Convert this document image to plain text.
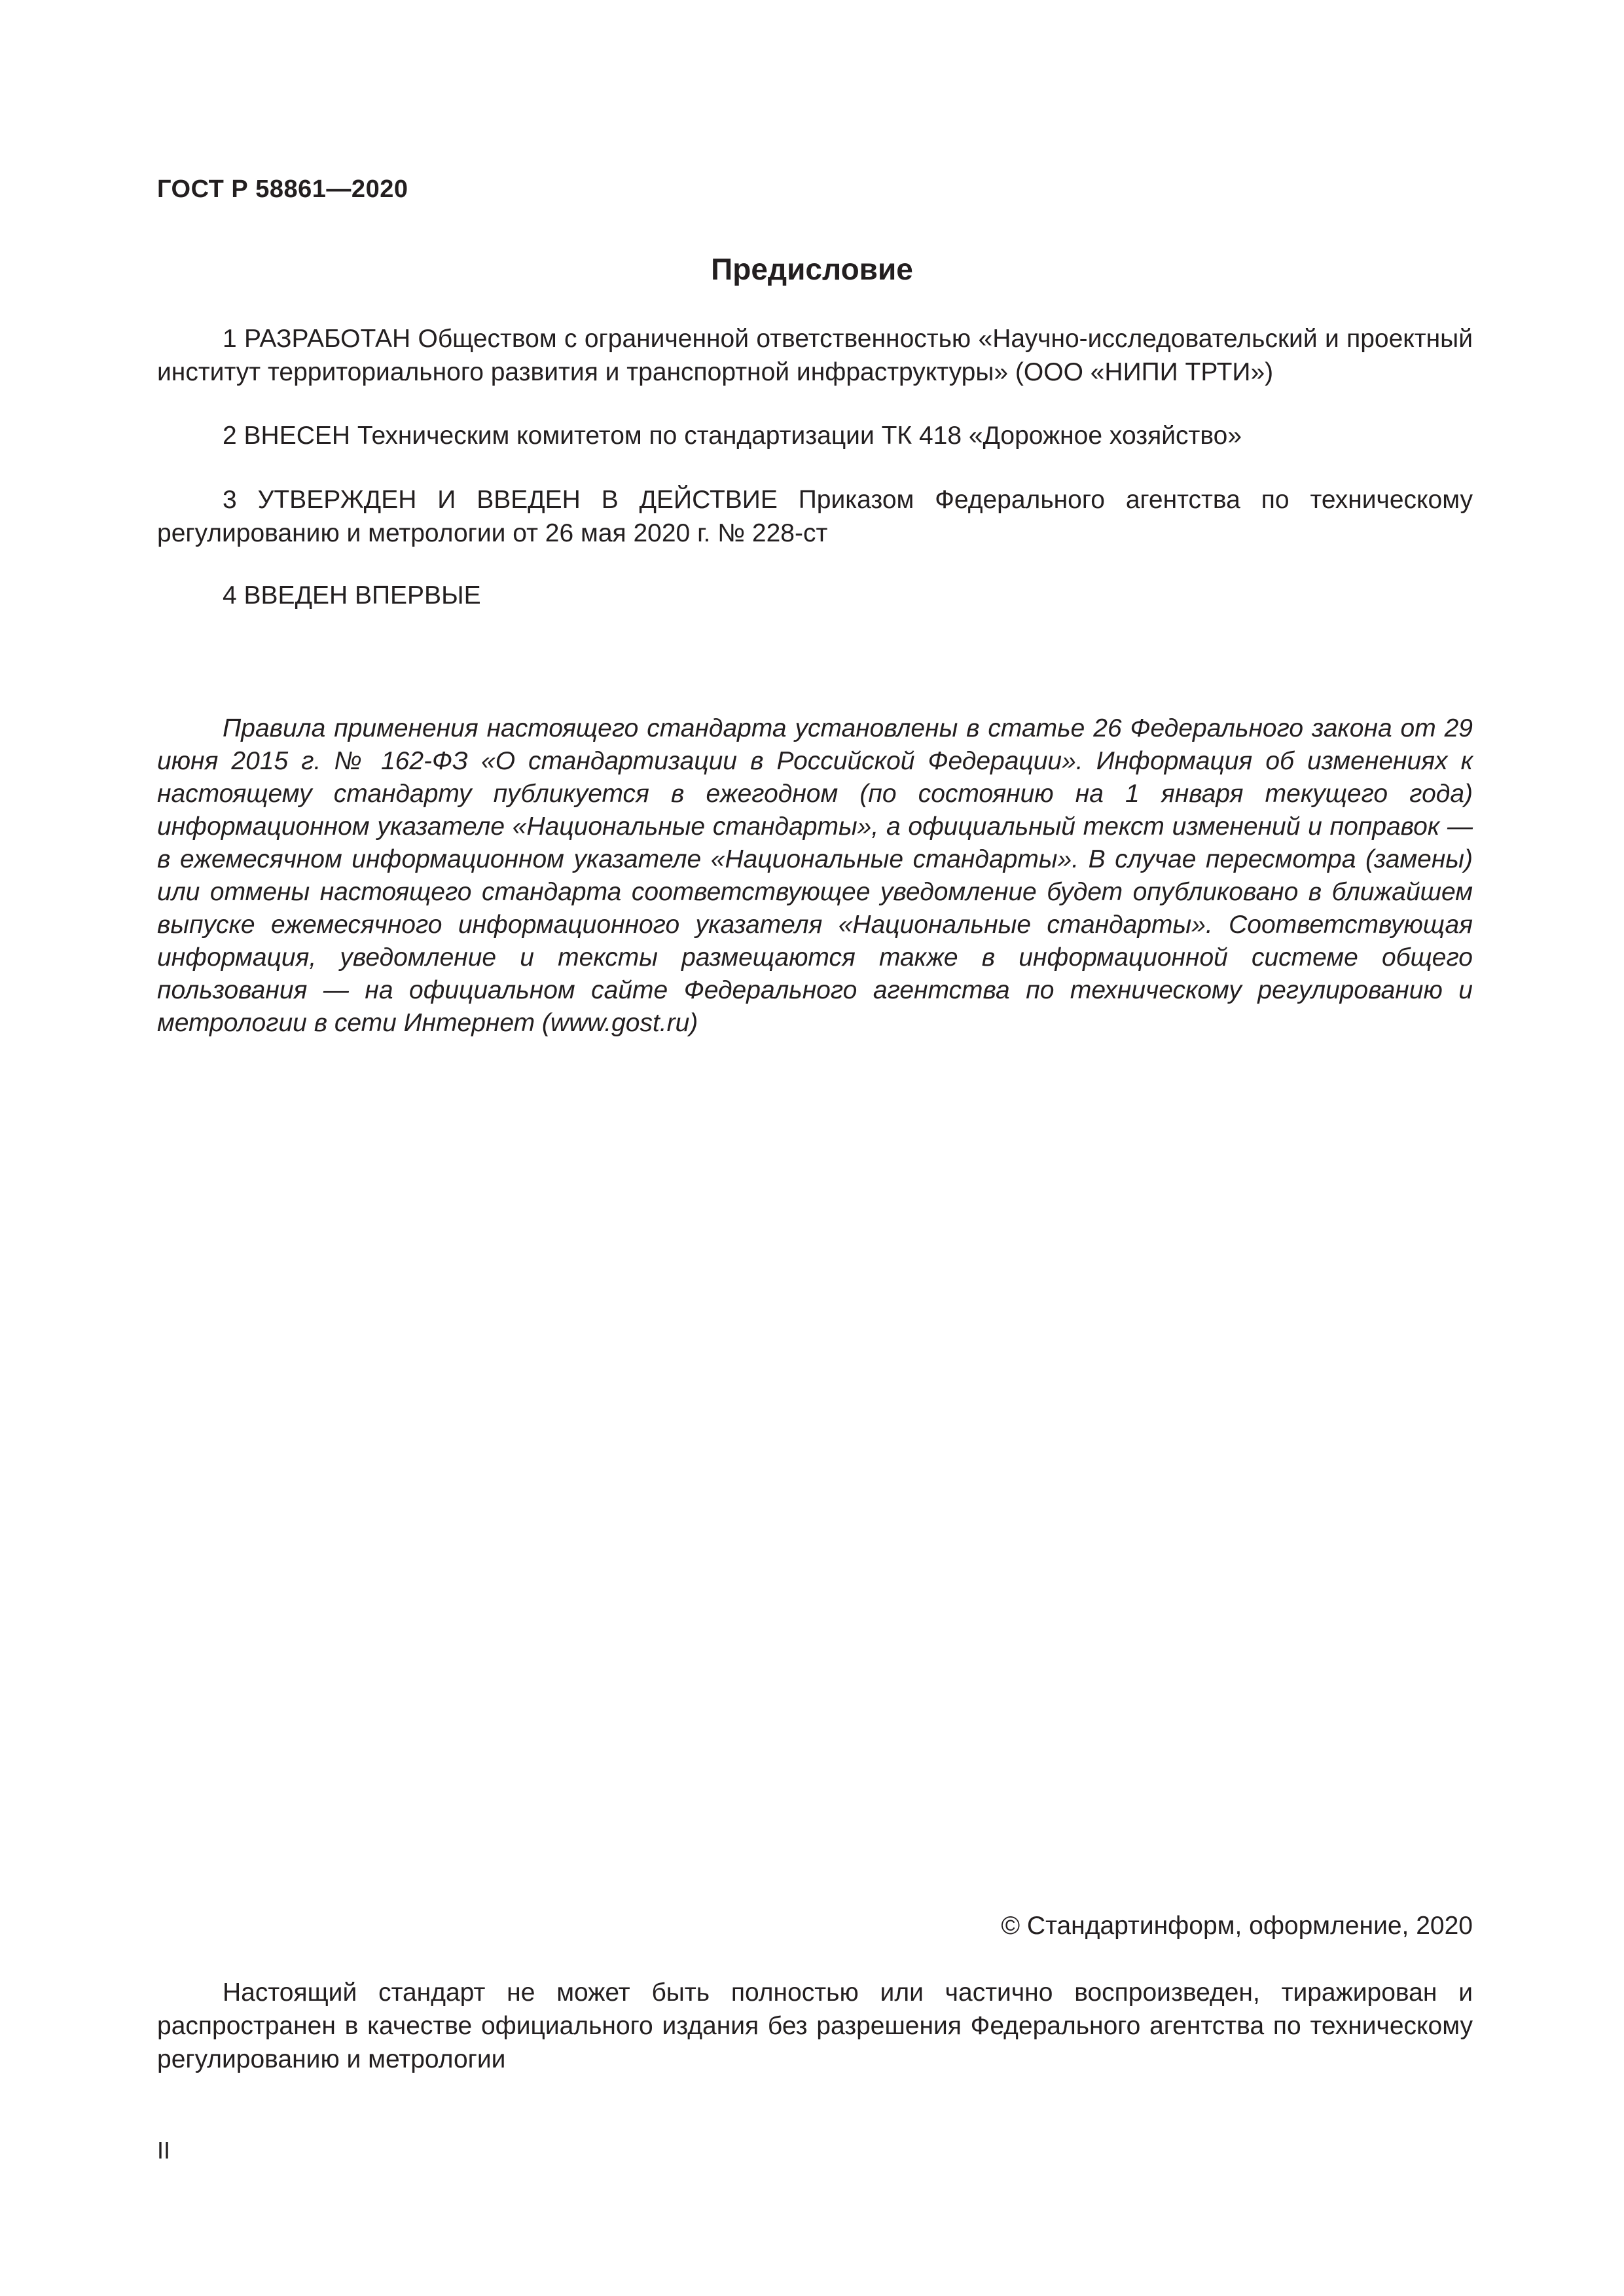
ГОСТ Р 58861—2020
Предисловие

1 РАЗРАБОТАН Обществом с ограниченной ответственностью «Научно-исследовательский и проектный институт территориального развития и транспортной инфраструктуры» (ООО «НИПИ ТРТИ»)

2 ВНЕСЕН Техническим комитетом по стандартизации ТК 418 «Дорожное хозяйство»

3 УТВЕРЖДЕН И ВВЕДЕН В ДЕЙСТВИЕ Приказом Федерального агентства по техническому регулированию и метрологии от 26 мая 2020 г. № 228-ст

4 ВВЕДЕН ВПЕРВЫЕ

Правила применения настоящего стандарта установлены в статье 26 Федерального закона от 29 июня 2015 г. № 162-ФЗ «О стандартизации в Российской Федерации». Информация об изменениях к настоящему стандарту публикуется в ежегодном (по состоянию на 1 января текущего года) информационном указателе «Национальные стандарты», а официальный текст изменений и поправок — в ежемесячном информационном указателе «Национальные стандарты». В случае пересмотра (замены) или отмены настоящего стандарта соответствующее уведомление будет опубликовано в ближайшем выпуске ежемесячного информационного указателя «Национальные стандарты». Соответствующая информация, уведомление и тексты размещаются также в информационной системе общего пользования — на официальном сайте Федерального агентства по техническому регулированию и метрологии в сети Интернет (www.gost.ru)

© Стандартинформ, оформление, 2020

Настоящий стандарт не может быть полностью или частично воспроизведен, тиражирован и распространен в качестве официального издания без разрешения Федерального агентства по техническому регулированию и метрологии

II
